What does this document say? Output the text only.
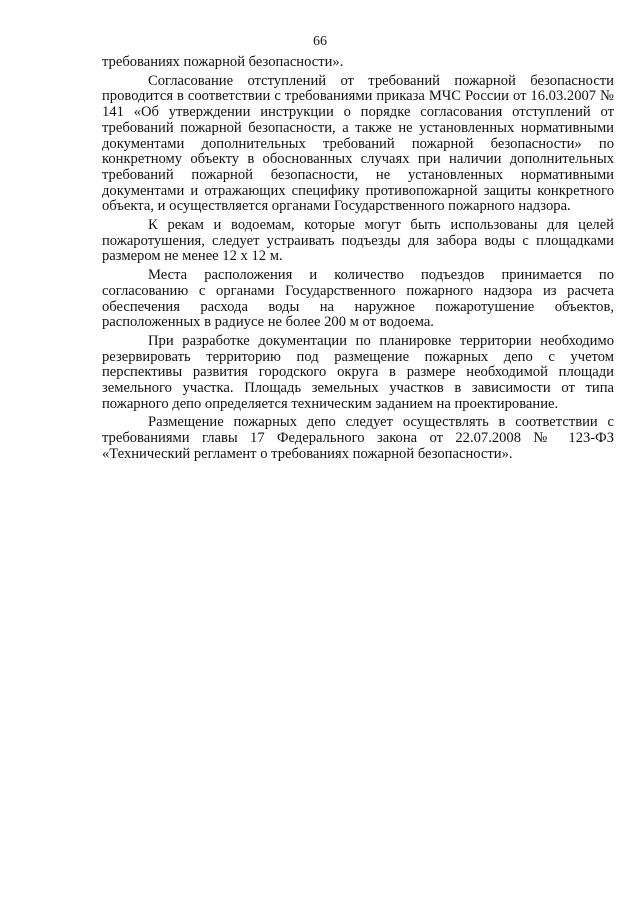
66

требованиях пожарной безопасности».

Согласование отступлений от требований пожарной безопасности проводится в соответствии с требованиями приказа МЧС России от 16.03.2007 № 141 «Об утверждении инструкции о порядке согласования отступлений от требований пожарной безопасности, а также не установленных нормативными документами дополнительных требований пожарной безопасности» по конкретному объекту в обоснованных случаях при наличии дополнительных требований пожарной безопасности, не установленных нормативными документами и отражающих специфику противопожарной защиты конкретного объекта, и осуществляется органами Государственного пожарного надзора.

К рекам и водоемам, которые могут быть использованы для целей пожаротушения, следует устраивать подъезды для забора воды с площадками размером не менее 12 х 12 м.

Места расположения и количество подъездов принимается по согласованию с органами Государственного пожарного надзора из расчета обеспечения расхода воды на наружное пожаротушение объектов, расположенных в радиусе не более 200 м от водоема.

При разработке документации по планировке территории необходимо резервировать территорию под размещение пожарных депо с учетом перспективы развития городского округа в размере необходимой площади земельного участка. Площадь земельных участков в зависимости от типа пожарного депо определяется техническим заданием на проектирование.

Размещение пожарных депо следует осуществлять в соответствии с требованиями главы 17 Федерального закона от 22.07.2008 № 123-ФЗ «Технический регламент о требованиях пожарной безопасности».
